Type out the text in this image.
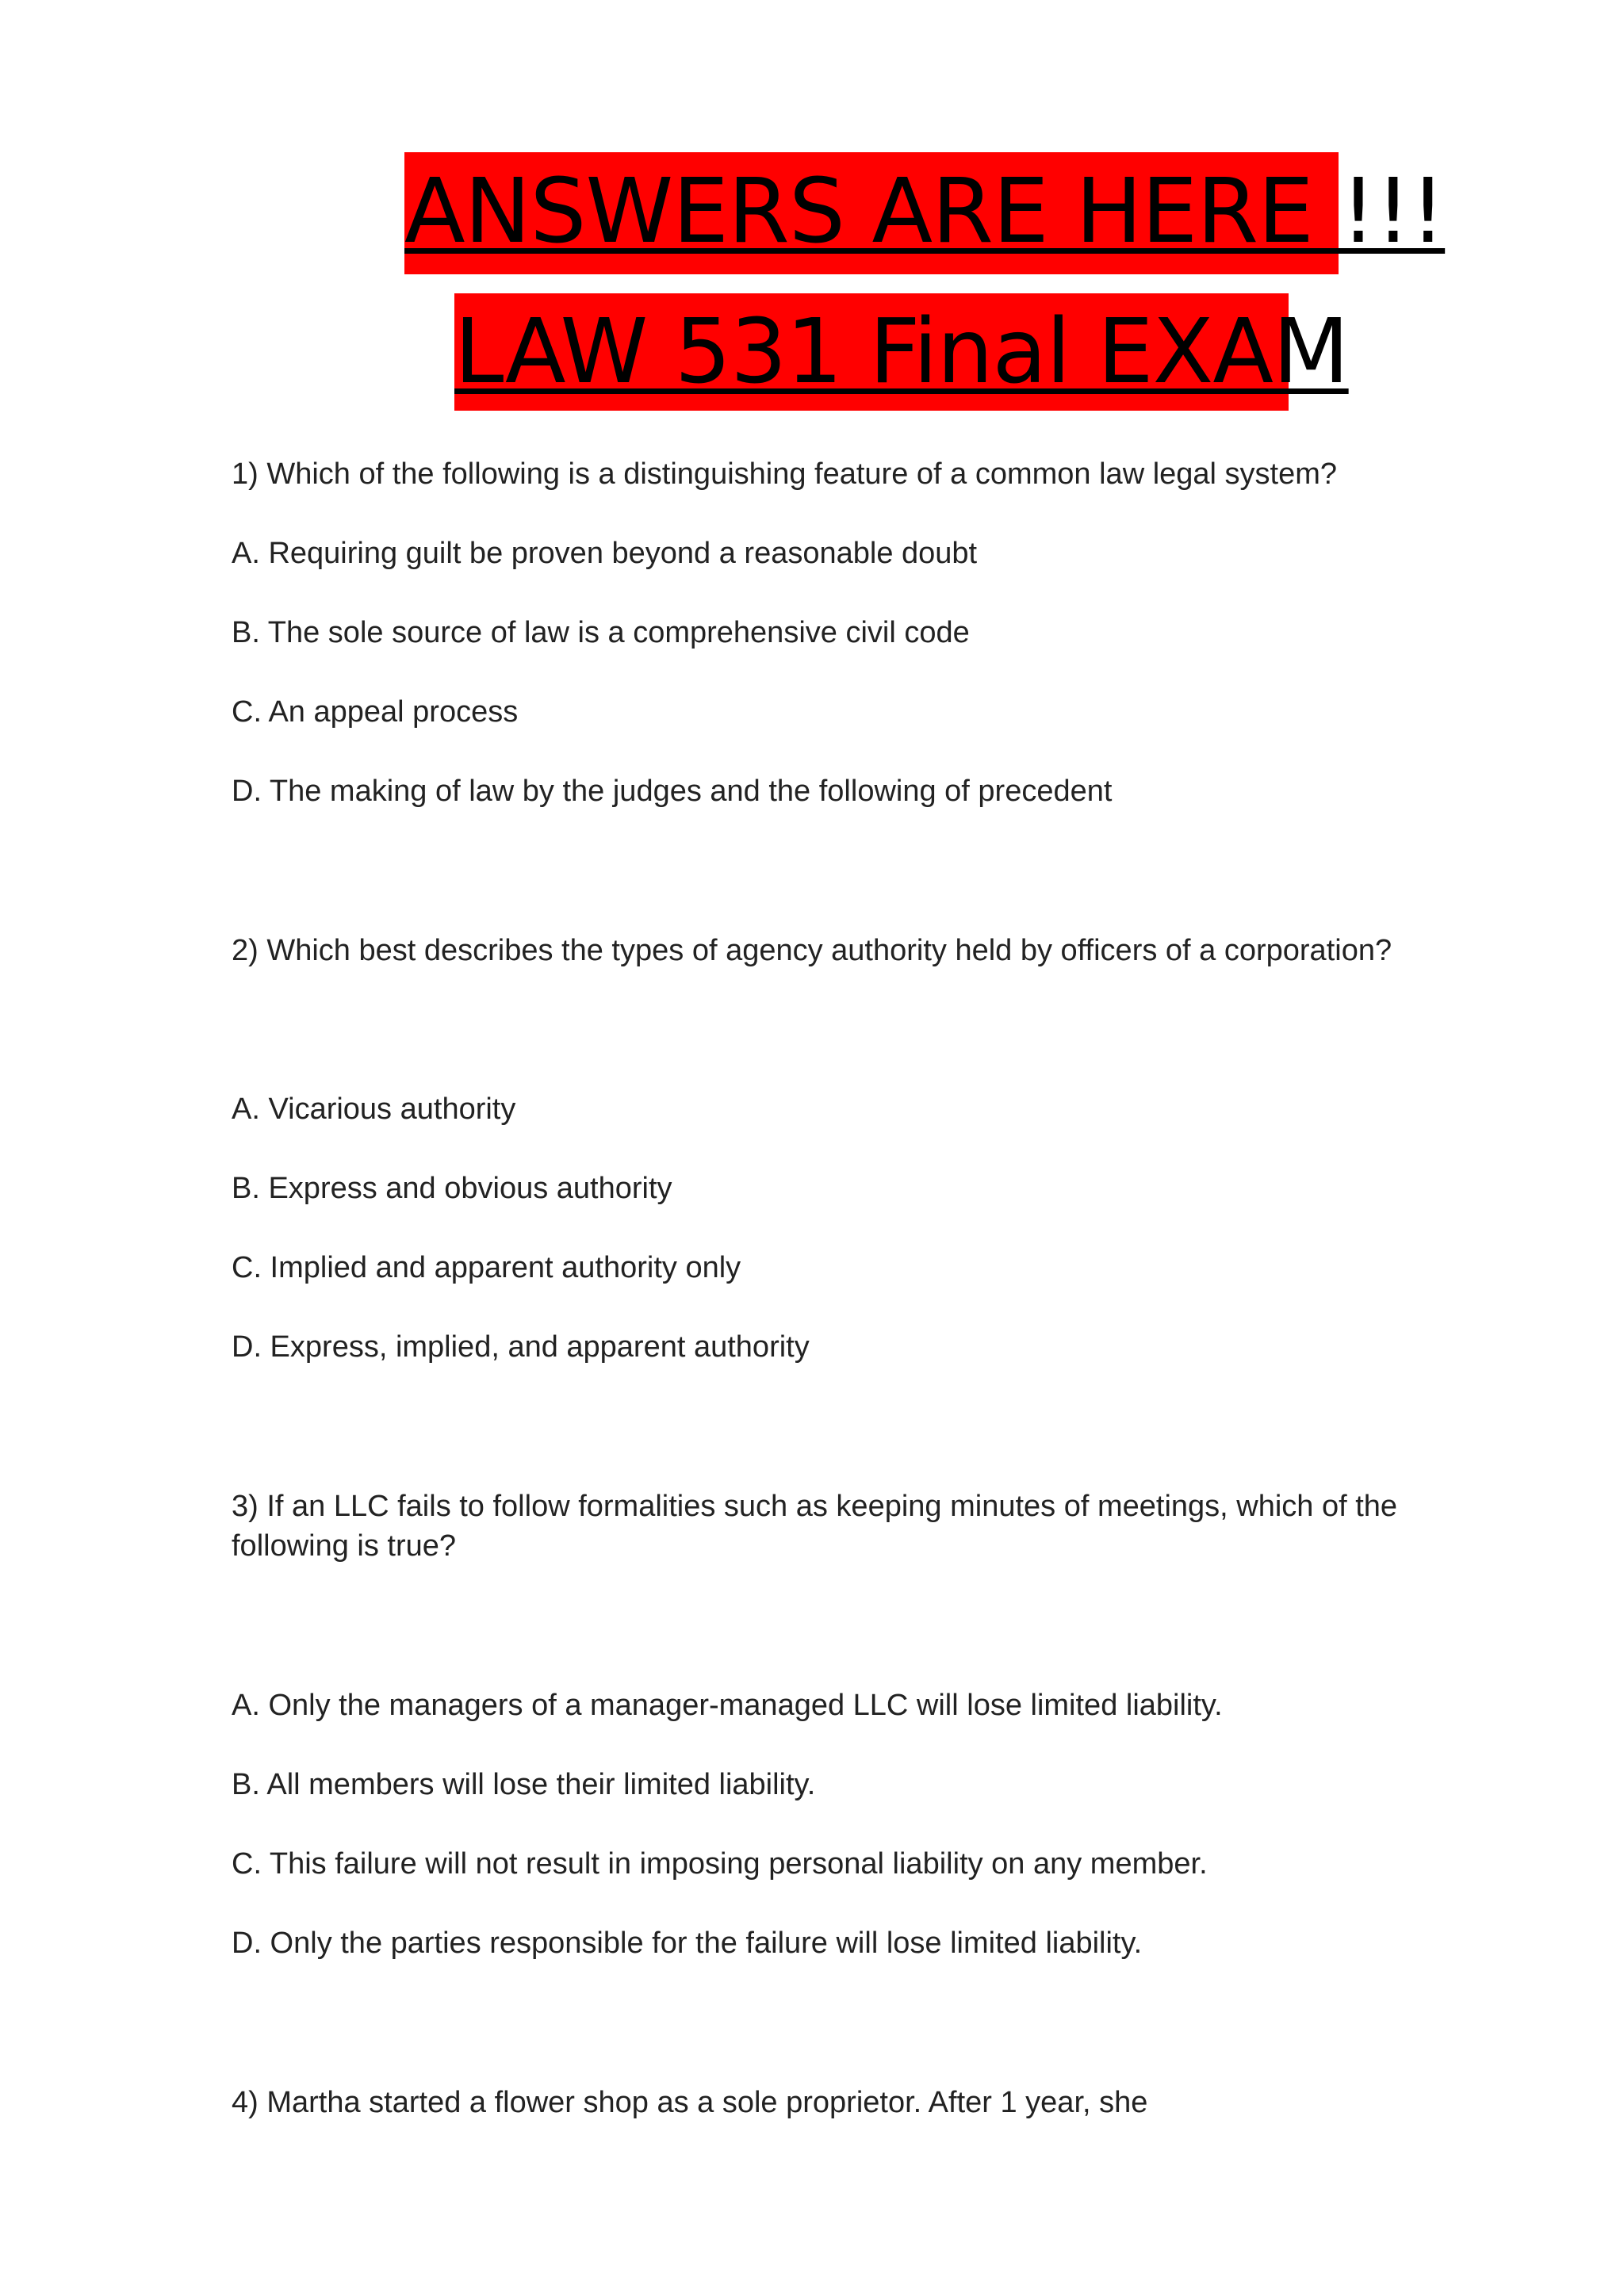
ANSWERS ARE HERE !!!
LAW 531 Final EXAM
1) Which of the following is a distinguishing feature of a common law legal system?
A. Requiring guilt be proven beyond a reasonable doubt
B. The sole source of law is a comprehensive civil code
C. An appeal process
D. The making of law by the judges and the following of precedent
2) Which best describes the types of agency authority held by officers of a corporation?
A. Vicarious authority
B. Express and obvious authority
C. Implied and apparent authority only
D. Express, implied, and apparent authority
3) If an LLC fails to follow formalities such as keeping minutes of meetings, which of the
following is true?
A. Only the managers of a manager-managed LLC will lose limited liability.
B. All members will lose their limited liability.
C. This failure will not result in imposing personal liability on any member.
D. Only the parties responsible for the failure will lose limited liability.
4) Martha started a flower shop as a sole proprietor. After 1 year, she
